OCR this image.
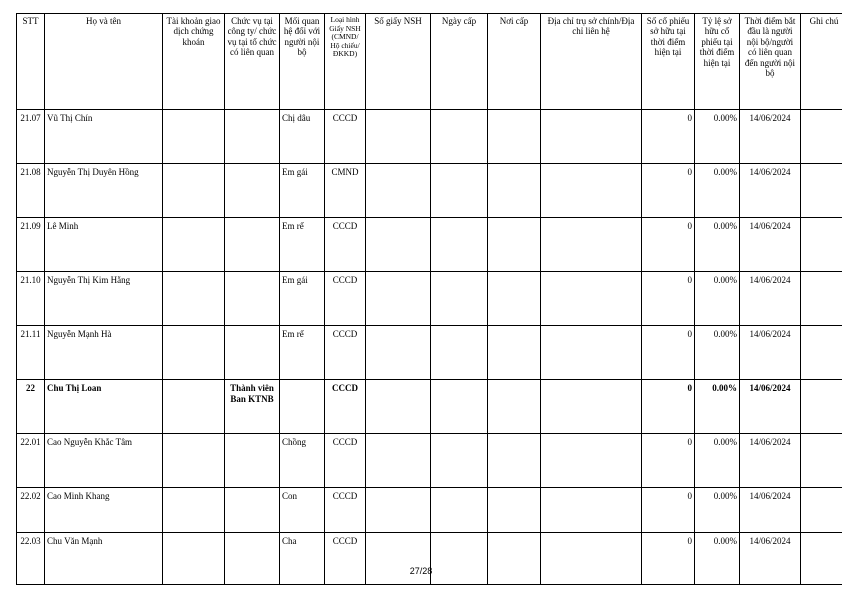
STT	Họ và tên	Tài khoản giao dịch chứng khoán	Chức vụ tại công ty/ chức vụ tại tổ chức có liên quan	Mối quan hệ đối với người nội bộ	Loại hình Giấy NSH (CMND/ Hộ chiếu/ ĐKKD)	Số giấy NSH	Ngày cấp	Nơi cấp	Địa chỉ trụ sở chính/Địa chỉ liên hệ	Số cổ phiếu sở hữu tại thời điểm hiện tại	Tỷ lệ sở hữu cổ phiếu tại thời điểm hiện tại	Thời điểm bắt đầu là người nội bộ/người có liên quan đến người nội bộ	Ghi chú
21.07	Vũ Thị Chín			Chị dâu	CCCD					0	0.00%	14/06/2024	
21.08	Nguyễn Thị Duyên Hồng			Em gái	CMND					0	0.00%	14/06/2024	
21.09	Lê Minh			Em rể	CCCD					0	0.00%	14/06/2024	
21.10	Nguyễn Thị Kim Hằng			Em gái	CCCD					0	0.00%	14/06/2024	
21.11	Nguyễn Mạnh Hà			Em rể	CCCD					0	0.00%	14/06/2024	
22	Chu Thị Loan		Thành viên Ban KTNB		CCCD					0	0.00%	14/06/2024	
22.01	Cao Nguyễn Khắc Tâm			Chồng	CCCD					0	0.00%	14/06/2024	
22.02	Cao Minh Khang			Con	CCCD					0	0.00%	14/06/2024	
22.03	Chu Văn Mạnh			Cha	CCCD					0	0.00%	14/06/2024	
27/28
